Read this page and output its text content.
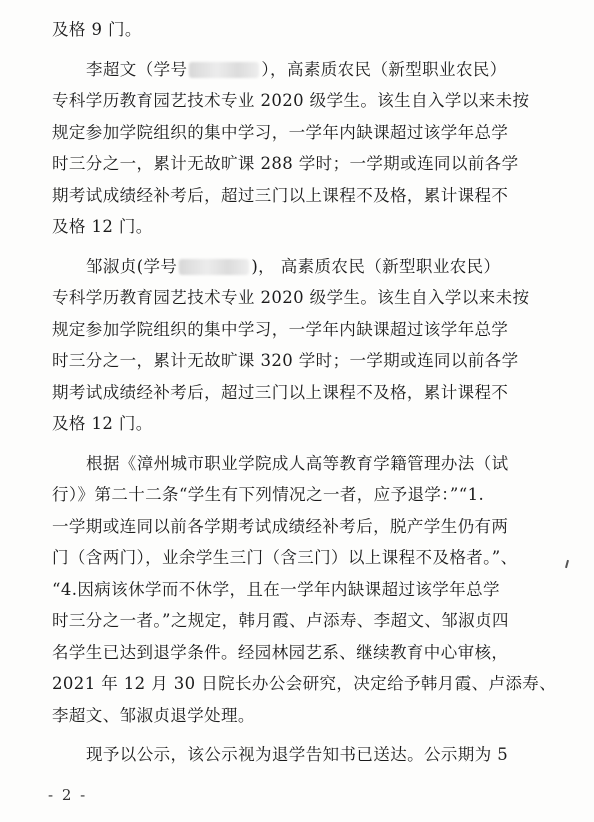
及格 9 门。
李超文（学号	），高素质农民（新型职业农民）
专科学历教育园艺技术专业 2020 级学生。该生自入学以来未按
规定参加学院组织的集中学习，一学年内缺课超过该学年总学
时三分之一，累计无故旷课 288 学时；一学期或连同以前各学
期考试成绩经补考后，超过三门以上课程不及格，累计课程不
及格 12 门。
邹淑贞(学号	)， 高素质农民（新型职业农民）
专科学历教育园艺技术专业 2020 级学生。该生自入学以来未按
规定参加学院组织的集中学习，一学年内缺课超过该学年总学
时三分之一，累计无故旷课 320 学时；一学期或连同以前各学
期考试成绩经补考后，超过三门以上课程不及格，累计课程不
及格 12 门。
根据《漳州城市职业学院成人高等教育学籍管理办法（试
行）》第二十二条“学生有下列情况之一者，应予退学：”“1.
一学期或连同以前各学期考试成绩经补考后，脱产学生仍有两
门（含两门），业余学生三门（含三门）以上课程不及格者。”、
“4.因病该休学而不休学，且在一学年内缺课超过该学年总学
时三分之一者。”之规定，韩月霞、卢添寿、李超文、邹淑贞四
名学生已达到退学条件。经园林园艺系、继续教育中心审核，
2021 年 12 月 30 日院长办公会研究，决定给予韩月霞、卢添寿、
李超文、邹淑贞退学处理。
现予以公示，该公示视为退学告知书已送达。公示期为 5
- 2 -
